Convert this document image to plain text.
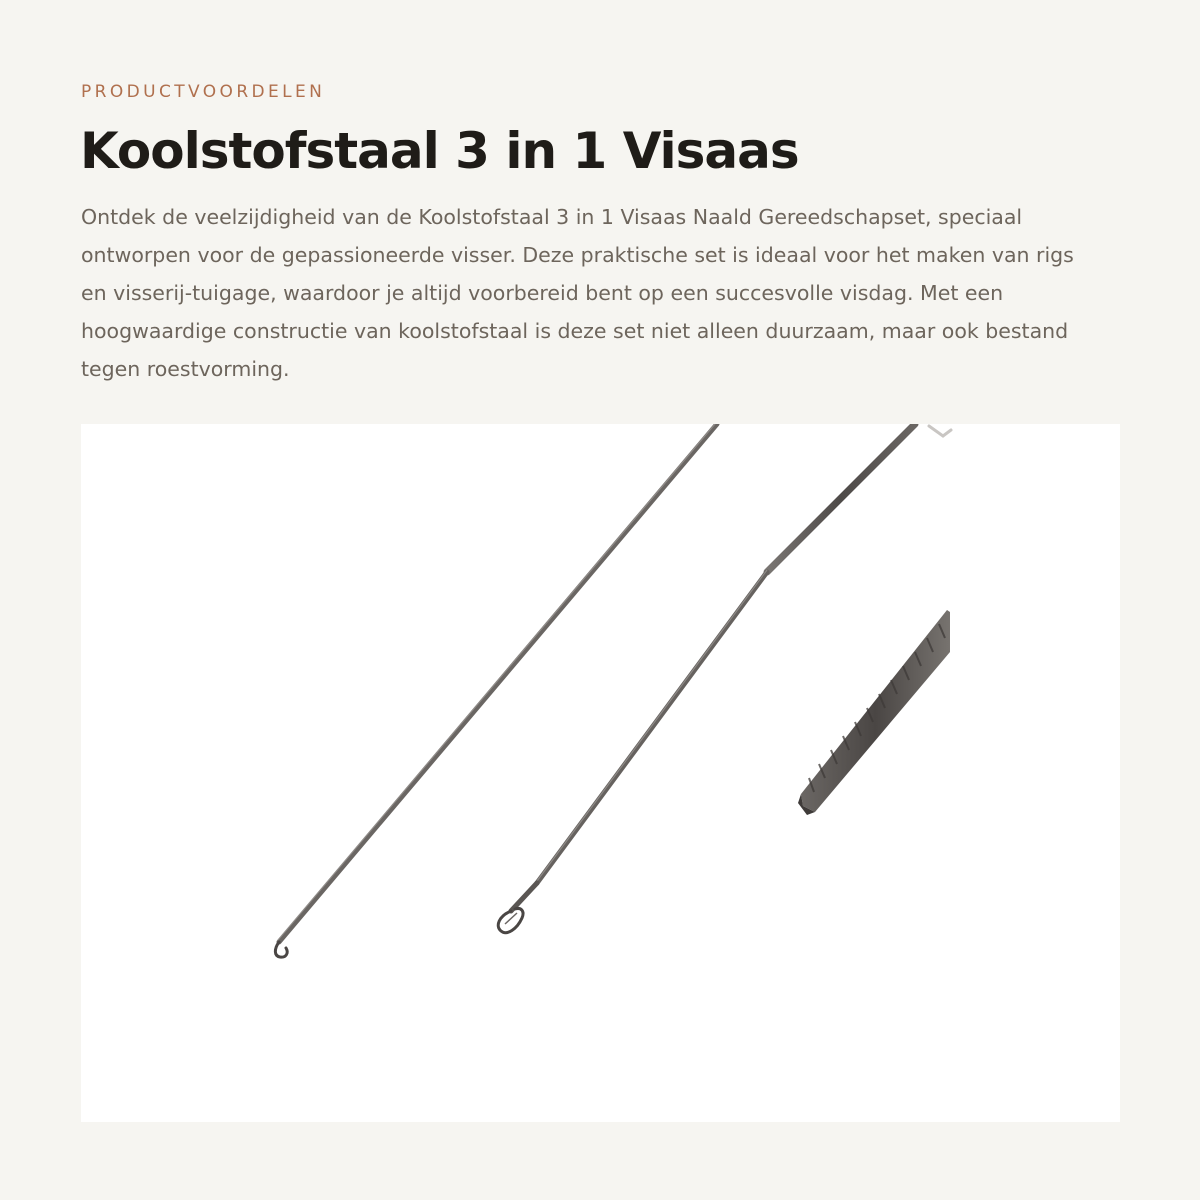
PRODUCTVOORDELEN
Koolstofstaal 3 in 1 Visaas

Ontdek de veelzijdigheid van de Koolstofstaal 3 in 1 Visaas Naald Gereedschapset, speciaal ontworpen voor de gepassioneerde visser. Deze praktische set is ideaal voor het maken van rigs en visserij-tuigage, waardoor je altijd voorbereid bent op een succesvolle visdag. Met een hoogwaardige constructie van koolstofstaal is deze set niet alleen duurzaam, maar ook bestand tegen roestvorming.
